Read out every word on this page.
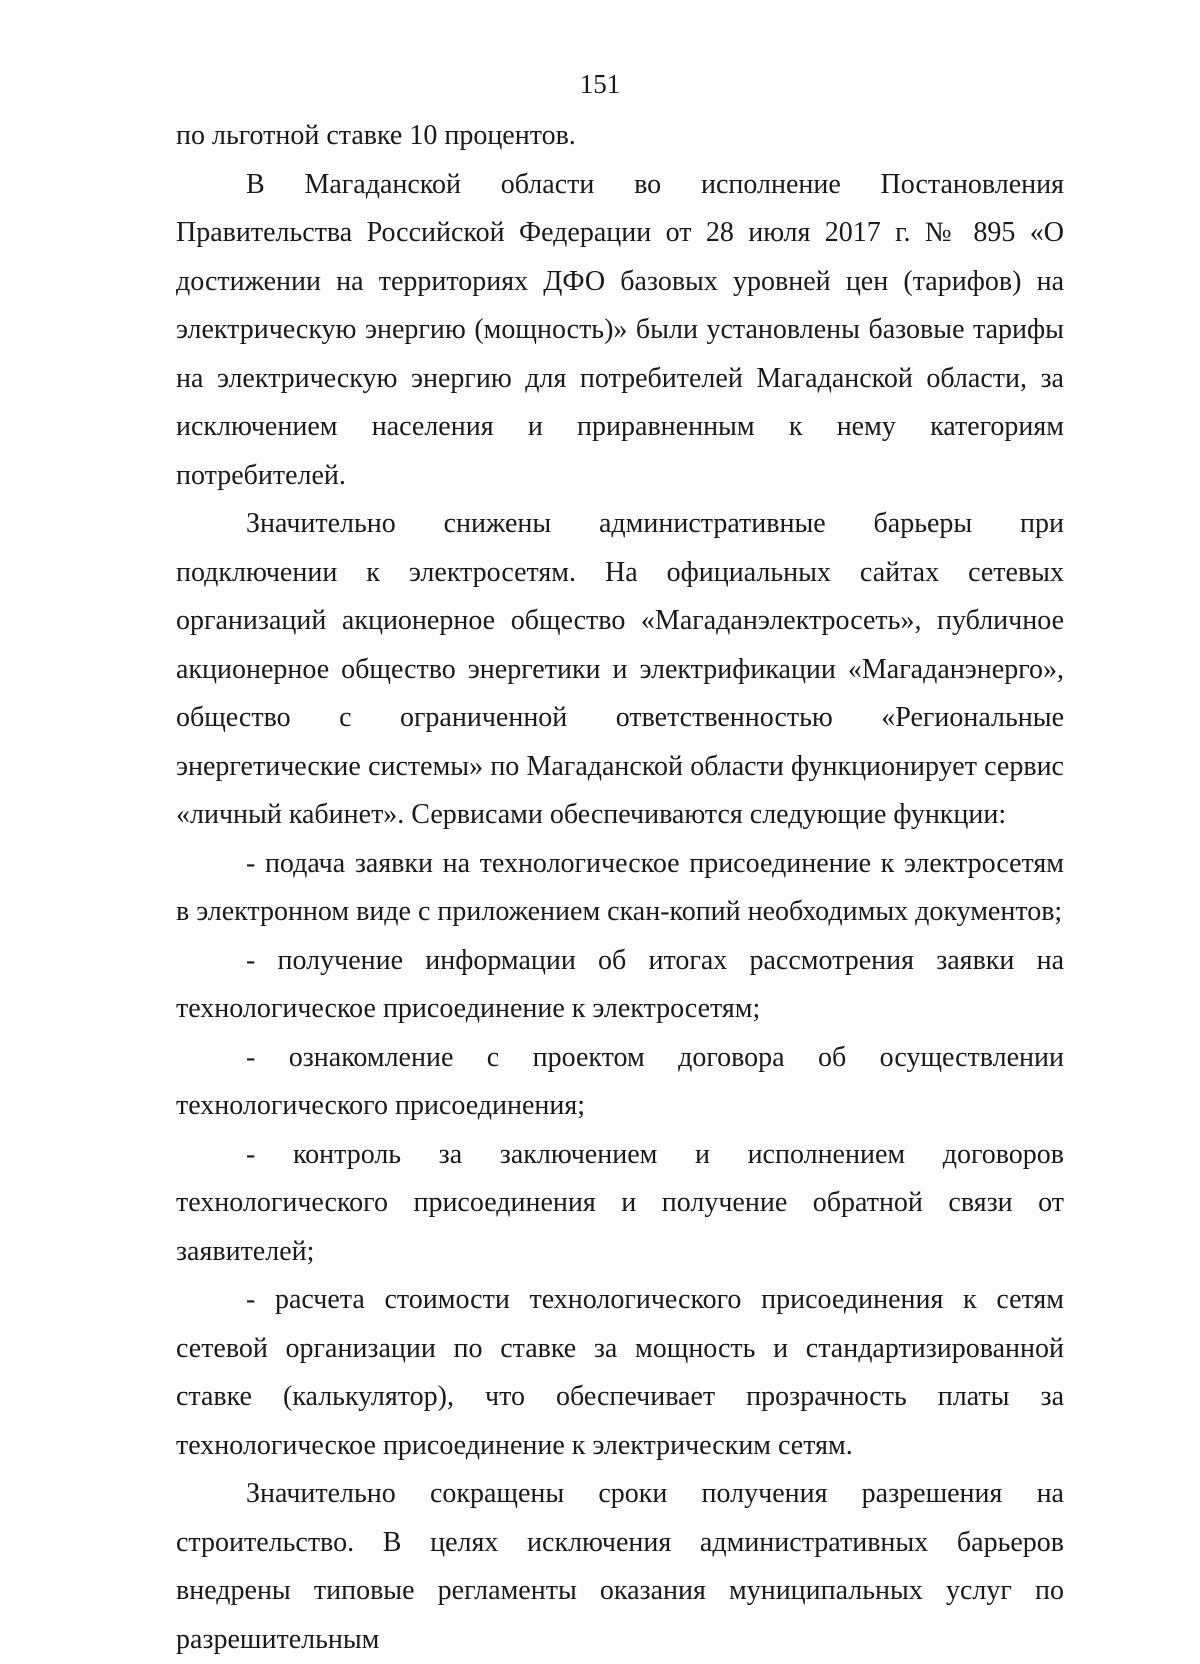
151

по льготной ставке 10 процентов.

В Магаданской области во исполнение Постановления Правительства Российской Федерации от 28 июля 2017 г. № 895 «О достижении на территориях ДФО базовых уровней цен (тарифов) на электрическую энергию (мощность)» были установлены базовые тарифы на электрическую энергию для потребителей Магаданской области, за исключением населения и приравненным к нему категориям потребителей.

Значительно снижены административные барьеры при подключении к электросетям. На официальных сайтах сетевых организаций акционерное общество «Магаданэлектросеть», публичное акционерное общество энергетики и электрификации «Магаданэнерго», общество с ограниченной ответственностью «Региональные энергетические системы» по Магаданской области функционирует сервис «личный кабинет». Сервисами обеспечиваются следующие функции:

- подача заявки на технологическое присоединение к электросетям в электронном виде с приложением скан-копий необходимых документов;

- получение информации об итогах рассмотрения заявки на технологическое присоединение к электросетям;

- ознакомление с проектом договора об осуществлении технологического присоединения;

- контроль за заключением и исполнением договоров технологического присоединения и получение обратной связи от заявителей;

- расчета стоимости технологического присоединения к сетям сетевой организации по ставке за мощность и стандартизированной ставке (калькулятор), что обеспечивает прозрачность платы за технологическое присоединение к электрическим сетям.

Значительно сокращены сроки получения разрешения на строительство. В целях исключения административных барьеров внедрены типовые регламенты оказания муниципальных услуг по разрешительным
